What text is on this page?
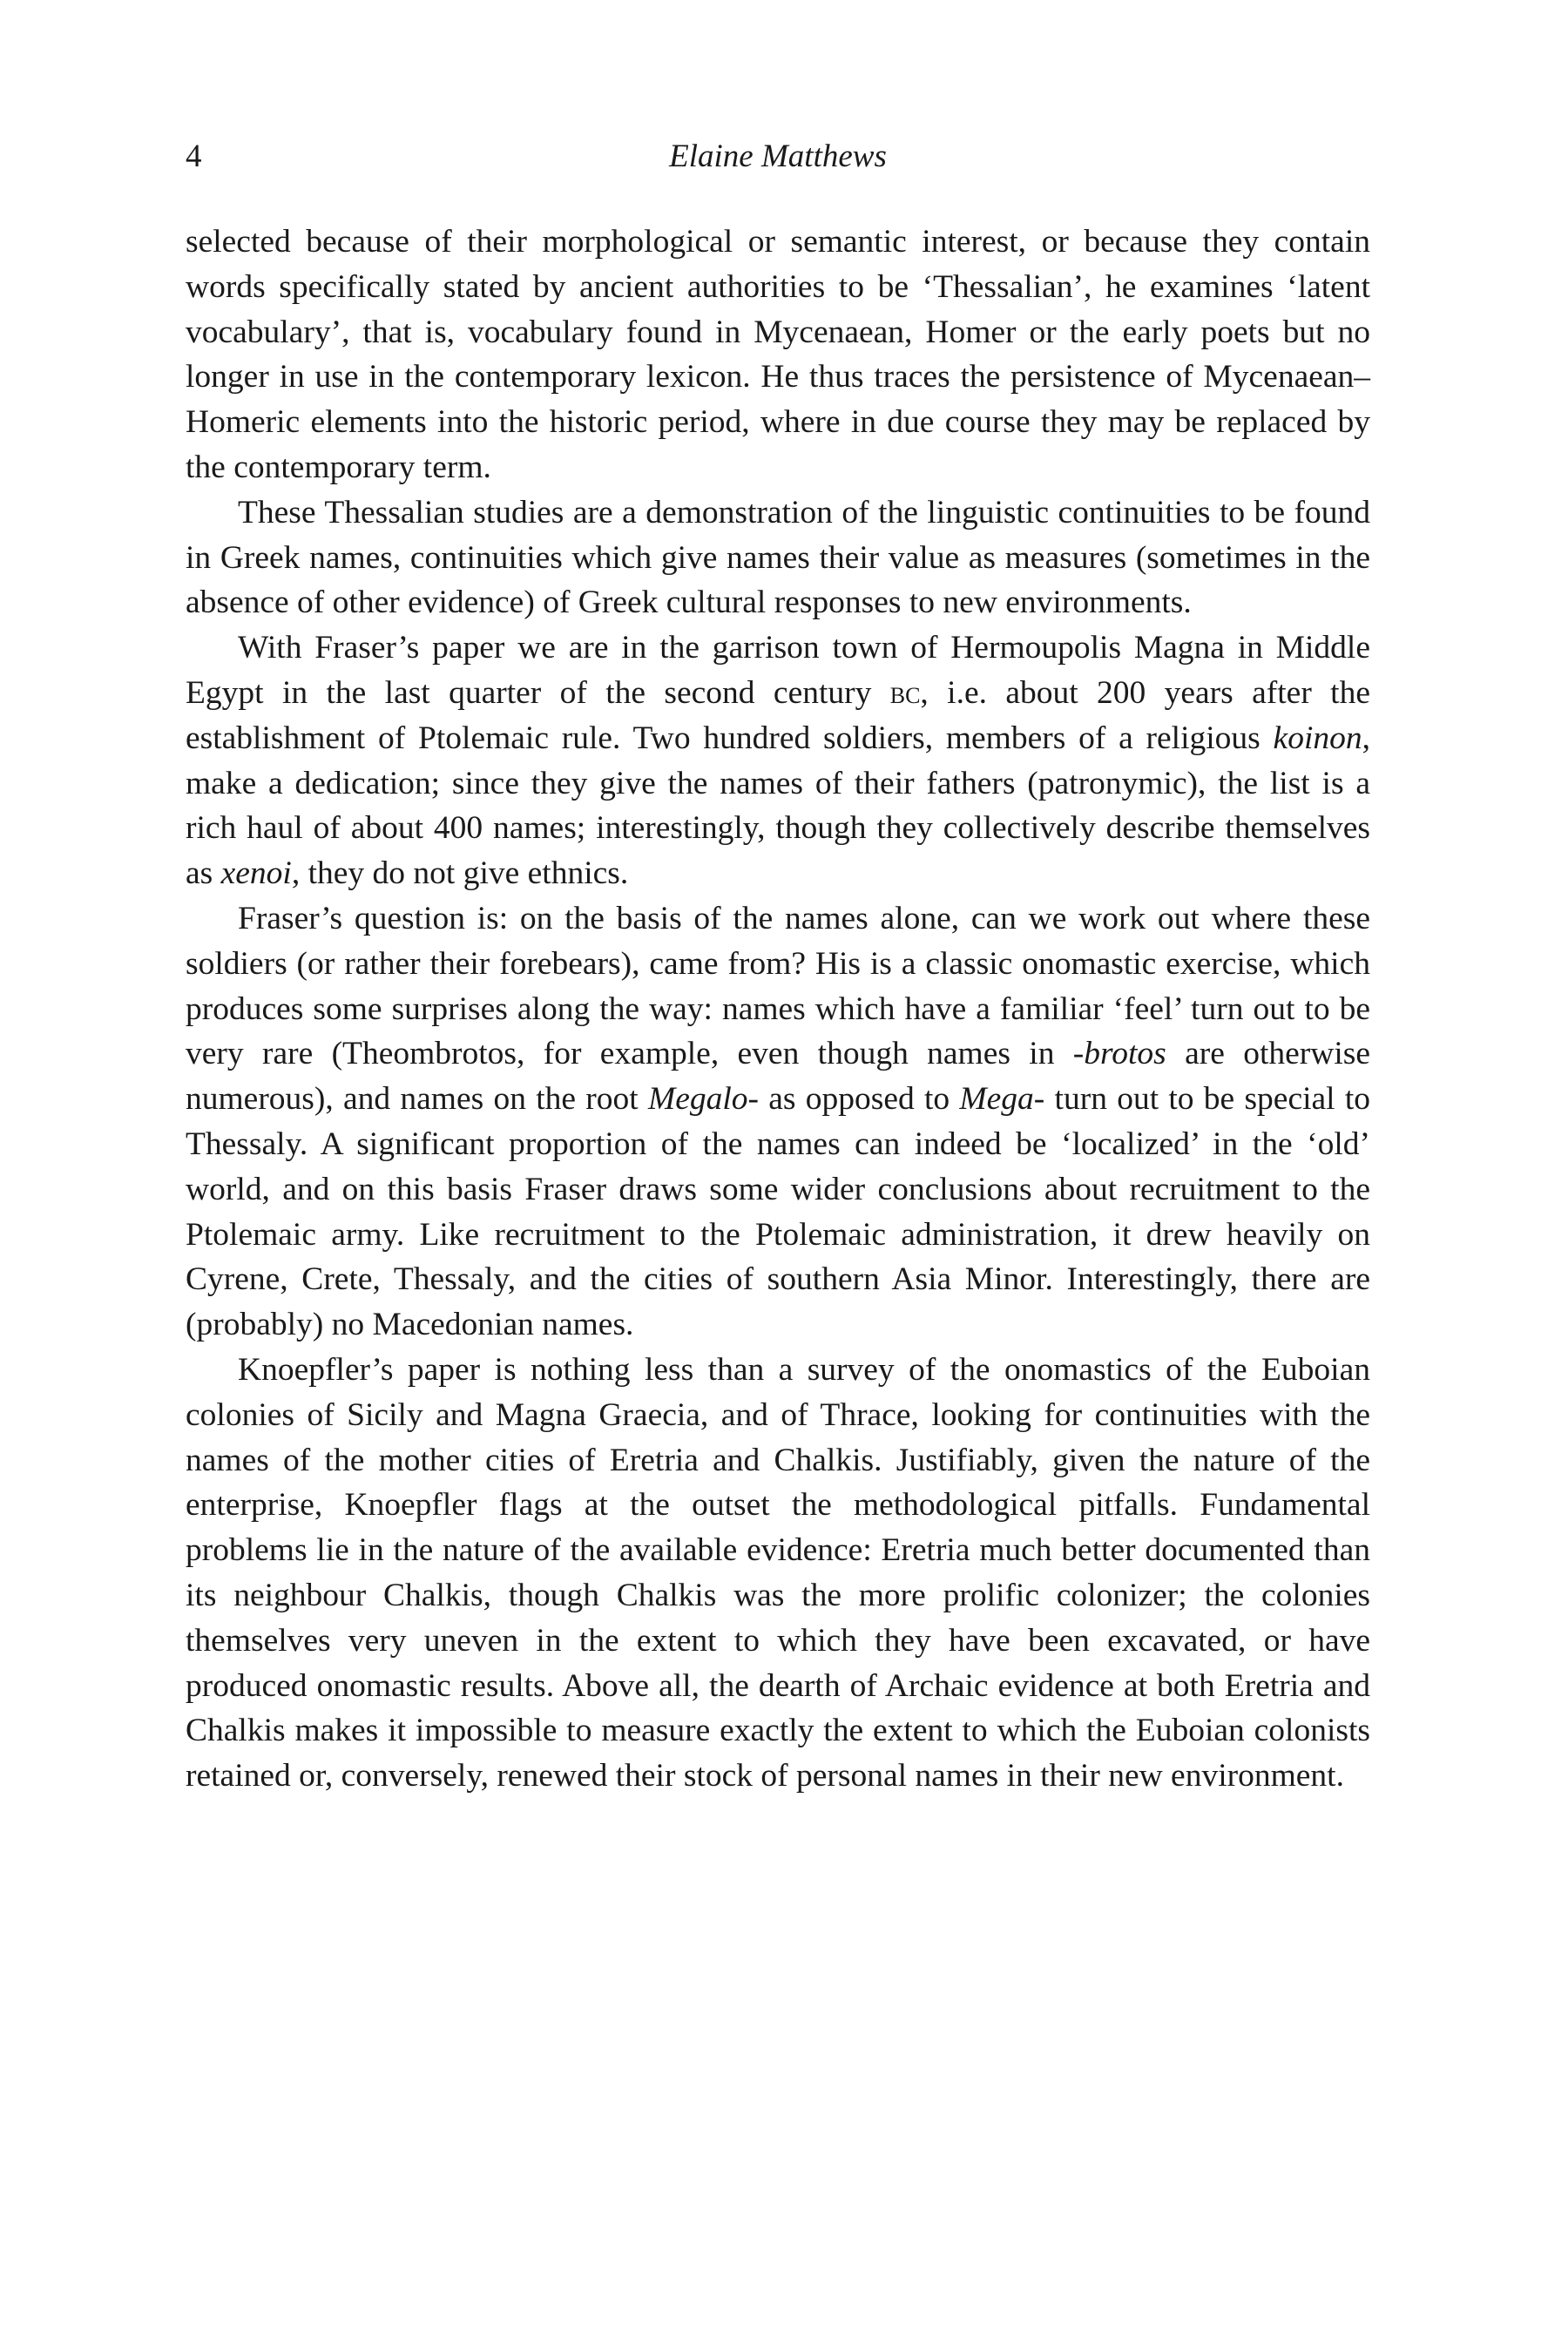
4	Elaine Matthews

selected because of their morphological or semantic interest, or because they contain words specifically stated by ancient authorities to be ‘Thessalian’, he examines ‘latent vocabulary’, that is, vocabulary found in Mycenaean, Homer or the early poets but no longer in use in the contemporary lexicon. He thus traces the persistence of Mycenaean–Homeric elements into the historic period, where in due course they may be replaced by the contemporary term.

These Thessalian studies are a demonstration of the linguistic continuities to be found in Greek names, continuities which give names their value as measures (sometimes in the absence of other evidence) of Greek cultural responses to new environments.

With Fraser’s paper we are in the garrison town of Hermoupolis Magna in Middle Egypt in the last quarter of the second century bc, i.e. about 200 years after the establishment of Ptolemaic rule. Two hundred soldiers, members of a religious koinon, make a dedication; since they give the names of their fathers (patronymic), the list is a rich haul of about 400 names; interestingly, though they collectively describe themselves as xenoi, they do not give ethnics.

Fraser’s question is: on the basis of the names alone, can we work out where these soldiers (or rather their forebears), came from? His is a classic onomastic exercise, which produces some surprises along the way: names which have a familiar ‘feel’ turn out to be very rare (Theombrotos, for example, even though names in -brotos are otherwise numerous), and names on the root Megalo- as opposed to Mega- turn out to be special to Thessaly. A significant proportion of the names can indeed be ‘localized’ in the ‘old’ world, and on this basis Fraser draws some wider conclusions about recruitment to the Ptolemaic army. Like recruitment to the Ptolemaic administration, it drew heavily on Cyrene, Crete, Thessaly, and the cities of southern Asia Minor. Interestingly, there are (probably) no Macedonian names.

Knoepfler’s paper is nothing less than a survey of the onomastics of the Euboian colonies of Sicily and Magna Graecia, and of Thrace, looking for continuities with the names of the mother cities of Eretria and Chalkis. Justifiably, given the nature of the enterprise, Knoepfler flags at the outset the methodological pitfalls. Fundamental problems lie in the nature of the available evidence: Eretria much better documented than its neighbour Chalkis, though Chalkis was the more prolific colonizer; the colonies themselves very uneven in the extent to which they have been excavated, or have produced onomastic results. Above all, the dearth of Archaic evidence at both Eretria and Chalkis makes it impossible to measure exactly the extent to which the Euboian colonists retained or, conversely, renewed their stock of personal names in their new environment.
